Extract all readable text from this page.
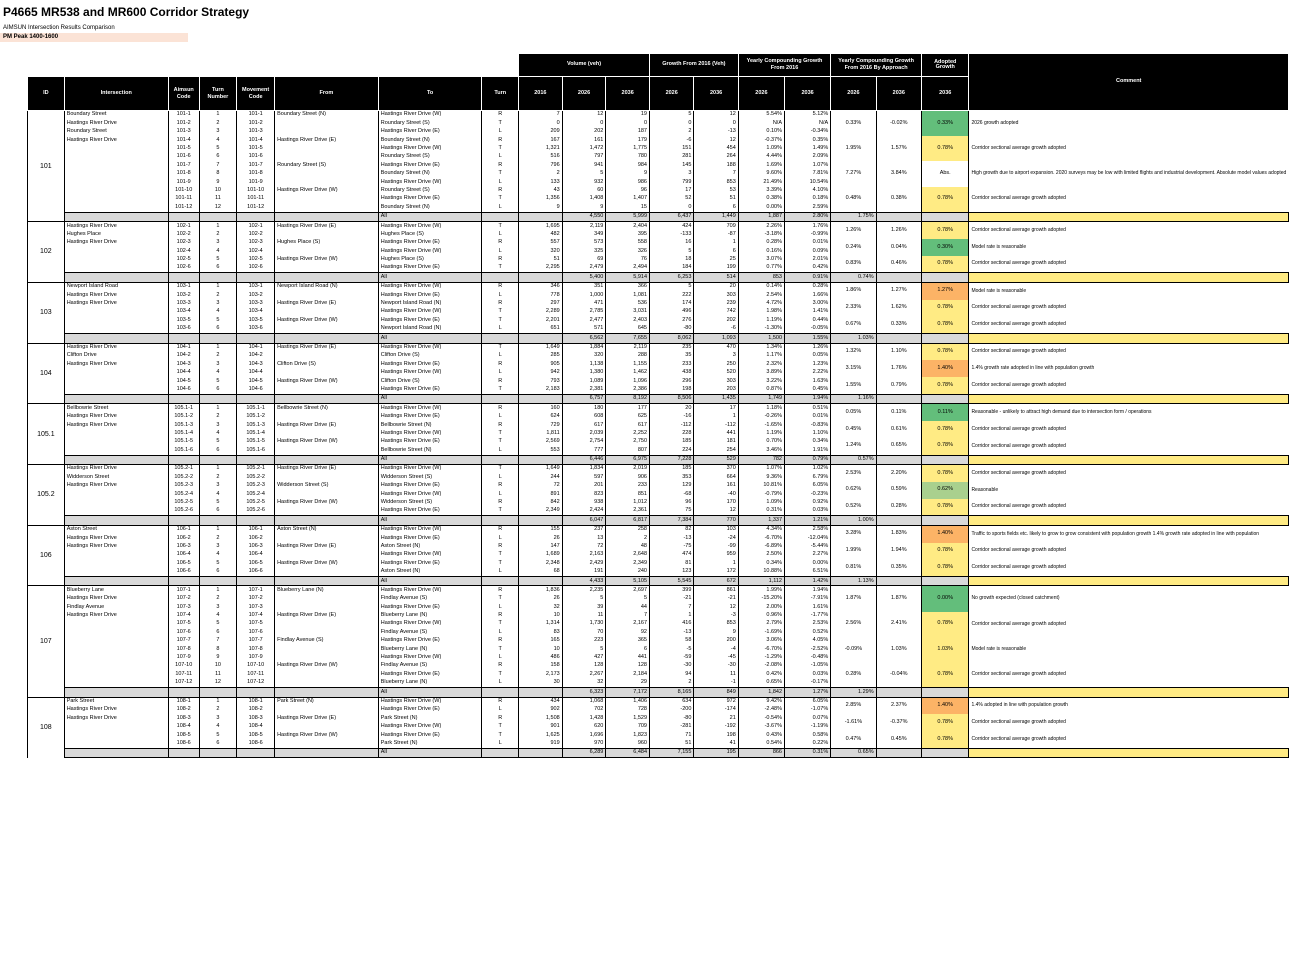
P4665 MR538 and MR600 Corridor Strategy
AIMSUN Intersection Results Comparison
PM Peak 1400-1600
								Volume (veh)			Growth From 2016 (Veh)		Yearly Compounding Growth From 2016		Yearly Compounding Growth From 2016 By Approach		Adopted Growth	Comment	
ID	Intersection	Aimsun Code	Turn Number	Movement Code	From	To	Turn	2016	2026	2036	2026	2036	2026	2036	2026	2036	2036		
101	Boundary Street	101-1	1	101-1	Boundary Street (N)	Hastings River Drive (W)	R	7	12	19	5	12	5.54%	5.12%	0.33%	-0.02%	0.33%	2026 growth adopted	
	Hastings River Drive	101-2	2	101-2		Roundary Street (S)	T	0	0	0	0	0	N/A	N/A					
	Roundary Street	101-3	3	101-3		Hastings River Drive (E)	L	209	202	187	2	-13	0.10%	-0.34%					
	Hastings River Drive	101-4	4	101-4	Hastings River Drive (E)	Boundary Street (N)	R	167	161	179	-6	12	-0.37%	0.35%	1.95%	1.57%	0.78%	Corridor sectional average growth adopted	
		101-5	5	101-5		Hastings River Drive (W)	T	1,321	1,472	1,775	151	454	1.09%	1.49%					
		101-6	6	101-6		Roundary Street (S)	L	516	797	780	281	264	4.44%	2.09%					
		101-7	7	101-7	Roundary Street (S)	Hastings River Drive (E)	R	796	941	984	145	188	1.69%	1.07%	7.27%	3.84%	Abs.	High growth due to airport expansion. 2020 surveys may be low with limited flights and industrial development. Absolute model values adopted	
		101-8	8	101-8		Boundary Street (N)	T	2	5	9	3	7	9.60%	7.81%					
		101-9	9	101-9		Hastings River Drive (W)	L	133	932	986	799	853	21.49%	10.54%					
		101-10	10	101-10	Hastings River Drive (W)	Roundary Street (S)	R	43	60	96	17	53	3.39%	4.10%	0.48%	0.38%	0.78%	Corridor sectional average growth adopted	
		101-11	11	101-11		Hastings River Drive (E)	T	1,356	1,408	1,407	52	51	0.38%	0.18%					
		101-12	12	101-12		Boundary Street (N)	L	9	9	15	0	6	0.00%	2.59%					
						All			4,550	5,999	6,437	1,449	1,887	2.80%	1.75%				
102	Hastings River Drive	102-1	1	102-1	Hastings River Drive (E)	Hastings River Drive (W)	T	1,695	2,119	2,404	424	709	2.26%	1.76%	1.26%	1.26%	0.78%	Corridor sectional average growth adopted	
	Hughes Place	102-2	2	102-2		Hughes Place (S)	L	482	349	395	-133	-87	-3.18%	-0.99%					
	Hastings River Drive	102-3	3	102-3	Hughes Place (S)	Hastings River Drive (E)	R	557	573	558	16	1	0.28%	0.01%	0.24%	0.04%	0.30%	Model rate is reasonable	
		102-4	4	102-4		Hastings River Drive (W)	L	320	325	326	5	6	0.16%	0.09%					
		102-5	5	102-5	Hastings River Drive (W)	Hughes Place (S)	R	51	69	76	18	25	3.07%	2.01%	0.83%	0.46%	0.78%	Corridor sectional average growth adopted	
		102-6	6	102-6		Hastings River Drive (E)	T	2,295	2,479	2,494	184	199	0.77%	0.42%					
						All			5,400	5,914	6,253	514	853	0.91%	0.74%				
103	Newport Island Road	103-1	1	103-1	Newport Island Road (N)	Hastings River Drive (W)	R	346	351	366	5	20	0.14%	0.28%	1.86%	1.27%	1.27%	Model rate is reasonable	
	Hastings River Drive	103-2	2	103-2		Hastings River Drive (E)	L	778	1,000	1,081	222	303	2.54%	1.66%					
	Hastings River Drive	103-3	3	103-3	Hastings River Drive (E)	Newport Island Road (N)	R	297	471	536	174	239	4.72%	3.00%	2.33%	1.62%	0.78%	Corridor sectional average growth adopted	
		103-4	4	103-4		Hastings River Drive (W)	T	2,289	2,785	3,031	496	742	1.98%	1.41%					
		103-5	5	103-5	Hastings River Drive (W)	Hastings River Drive (E)	T	2,201	2,477	2,403	276	202	1.19%	0.44%	0.67%	0.33%	0.78%	Corridor sectional average growth adopted	
		103-6	6	103-6		Newport Island Road (N)	L	651	571	645	-80	-6	-1.30%	-0.05%					
						All			6,562	7,655	8,062	1,093	1,500	1.55%	1.03%				
104	Hastings River Drive	104-1	1	104-1	Hastings River Drive (E)	Hastings River Drive (W)	T	1,649	1,884	2,119	235	470	1.34%	1.26%	1.32%	1.10%	0.78%	Corridor sectional average growth adopted	
	Clifton Drive	104-2	2	104-2		Clifton Drive (S)	L	285	320	288	35	3	1.17%	0.05%					
	Hastings River Drive	104-3	3	104-3	Clifton Drive (S)	Hastings River Drive (E)	R	905	1,138	1,155	233	250	2.32%	1.23%	3.15%	1.76%	1.40%	1.4% growth rate adopted in line with population growth	
		104-4	4	104-4		Hastings River Drive (W)	L	942	1,380	1,462	438	520	3.89%	2.22%					
		104-5	5	104-5	Hastings River Drive (W)	Clifton Drive (S)	R	793	1,089	1,096	296	303	3.22%	1.63%	1.55%	0.79%	0.78%	Corridor sectional average growth adopted	
		104-6	6	104-6		Hastings River Drive (E)	T	2,183	2,381	2,386	198	203	0.87%	0.45%					
						All			6,757	8,192	8,506	1,435	1,749	1.94%	1.16%				
105.1	Bellbowrie Street	105.1-1	1	105.1-1	Bellbowrie Street (N)	Hastings River Drive (W)	R	160	180	177	20	17	1.18%	0.51%	0.05%	0.11%	0.11%	Reasonable - unlikely to attract high demand due to intersection form / operations	
	Hastings River Drive	105.1-2	2	105.1-2		Hastings River Drive (E)	L	624	608	625	-16	1	-0.26%	0.01%					
	Hastings River Drive	105.1-3	3	105.1-3	Hastings River Drive (E)	Bellbowrie Street (N)	R	729	617	617	-112	-112	-1.65%	-0.83%	0.45%	0.61%	0.78%	Corridor sectional average growth adopted	
		105.1-4	4	105.1-4		Hastings River Drive (W)	T	1,811	2,039	2,252	228	441	1.19%	1.10%					
		105.1-5	5	105.1-5	Hastings River Drive (W)	Hastings River Drive (E)	T	2,569	2,754	2,750	185	181	0.70%	0.34%	1.24%	0.65%	0.78%	Corridor sectional average growth adopted	
		105.1-6	6	105.1-6		Bellbowrie Street (N)	L	553	777	807	224	254	3.46%	1.91%					
						All			6,446	6,975	7,228	529	782	0.79%	0.57%				
105.2	Hastings River Drive	105.2-1	1	105.2-1	Hastings River Drive (E)	Hastings River Drive (W)	T	1,649	1,834	2,019	185	370	1.07%	1.02%	2.53%	2.20%	0.78%	Corridor sectional average growth adopted	
	Widderson Street	105.2-2	2	105.2-2		Widderson Street (S)	L	244	597	906	353	664	9.36%	6.79%					
	Hastings River Drive	105.2-3	3	105.2-3	Widderson Street (S)	Hastings River Drive (E)	R	72	201	233	129	161	10.81%	6.05%	0.62%	0.59%	0.62%	Reasonable	
		105.2-4	4	105.2-4		Hastings River Drive (W)	L	891	823	851	-68	-40	-0.79%	-0.23%					
		105.2-5	5	105.2-5	Hastings River Drive (W)	Widderson Street (S)	R	842	938	1,012	96	170	1.09%	0.92%	0.52%	0.28%	0.78%	Corridor sectional average growth adopted	
		105.2-6	6	105.2-6		Hastings River Drive (E)	T	2,349	2,424	2,361	75	12	0.31%	0.03%					
						All			6,047	6,817	7,384	770	1,337	1.21%	1.00%				
106	Aston Street	106-1	1	106-1	Aston Street (N)	Hastings River Drive (W)	R	155	237	258	82	103	4.34%	2.58%	3.28%	1.83%	1.40%	Traffic to sports fields etc. likely to grow to grow consistent with population growth 1.4% growth rate adopted in line with population	
	Hastings River Drive	106-2	2	106-2		Hastings River Drive (E)	L	26	13	2	-13	-24	-6.70%	-12.04%					
	Hastings River Drive	106-3	3	106-3	Hastings River Drive (E)	Aston Street (N)	R	147	72	48	-75	-99	-6.89%	-5.44%	1.99%	1.94%	0.78%	Corridor sectional average growth adopted	
		106-4	4	106-4		Hastings River Drive (W)	T	1,689	2,163	2,648	474	959	2.50%	2.27%					
		106-5	5	106-5	Hastings River Drive (W)	Hastings River Drive (E)	T	2,348	2,429	2,349	81	1	0.34%	0.00%	0.81%	0.35%	0.78%	Corridor sectional average growth adopted	
		106-6	6	106-6		Aston Street (N)	L	68	191	240	123	172	10.88%	6.51%					
						All			4,433	5,105	5,545	672	1,112	1.42%	1.13%				
107	Blueberry Lane	107-1	1	107-1	Blueberry Lane (N)	Hastings River Drive (W)	R	1,836	2,235	2,697	399	861	1.99%	1.94%	1.87%	1.87%	0.00%	No growth expected (closed catchment)	
	Hastings River Drive	107-2	2	107-2		Findlay Avenue (S)	T	26	5	5	-21	-21	-15.20%	-7.91%					
	Findlay Avenue	107-3	3	107-3		Hastings River Drive (E)	L	32	39	44	7	12	2.00%	1.61%					
	Hastings River Drive	107-4	4	107-4	Hastings River Drive (E)	Blueberry Lane (N)	R	10	11	7	1	-3	0.96%	-1.77%	2.56%	2.41%	0.78%	Corridor sectional average growth adopted	
		107-5	5	107-5		Hastings River Drive (W)	T	1,314	1,730	2,167	416	853	2.79%	2.53%					
		107-6	6	107-6		Findlay Avenue (S)	L	83	70	92	-13	9	-1.69%	0.52%					
		107-7	7	107-7	Findlay Avenue (S)	Hastings River Drive (E)	R	165	223	365	58	200	3.06%	4.05%	-0.09%	1.03%	1.03%	Model rate is reasonable	
		107-8	8	107-8		Blueberry Lane (N)	T	10	5	6	-5	-4	-6.70%	-2.52%					
		107-9	9	107-9		Hastings River Drive (W)	L	486	427	441	-59	-45	-1.29%	-0.48%					
		107-10	10	107-10	Hastings River Drive (W)	Findlay Avenue (S)	R	158	128	128	-30	-30	-2.08%	-1.05%	0.28%	-0.04%	0.78%	Corridor sectional average growth adopted	
		107-11	11	107-11		Hastings River Drive (E)	T	2,173	2,267	2,184	94	11	0.42%	0.03%					
		107-12	12	107-12		Blueberry Lane (N)	L	30	32	29	2	-1	0.65%	-0.17%					
						All			6,323	7,172	8,165	849	1,842	1.27%	1.29%				
108	Park Street	108-1	1	108-1	Park Street (N)	Hastings River Drive (W)	R	434	1,068	1,406	634	972	9.42%	6.05%	2.85%	2.37%	1.40%	1.4% adopted in line with population growth	
	Hastings River Drive	108-2	2	108-2		Hastings River Drive (E)	L	902	702	728	-200	-174	-2.48%	-1.07%					
	Hastings River Drive	108-3	3	108-3	Hastings River Drive (E)	Park Street (N)	R	1,508	1,428	1,529	-80	21	-0.54%	0.07%	-1.61%	-0.37%	0.78%	Corridor sectional average growth adopted	
		108-4	4	108-4		Hastings River Drive (W)	T	901	620	709	-281	-192	-3.67%	-1.19%					
		108-5	5	108-5	Hastings River Drive (W)	Hastings River Drive (E)	T	1,625	1,696	1,823	71	198	0.43%	0.58%	0.47%	0.45%	0.78%	Corridor sectional average growth adopted	
		108-6	6	108-6		Park Street (N)	L	919	970	960	51	41	0.54%	0.22%					
						All			6,289	6,484	7,155	195	866	0.31%	0.65%				
